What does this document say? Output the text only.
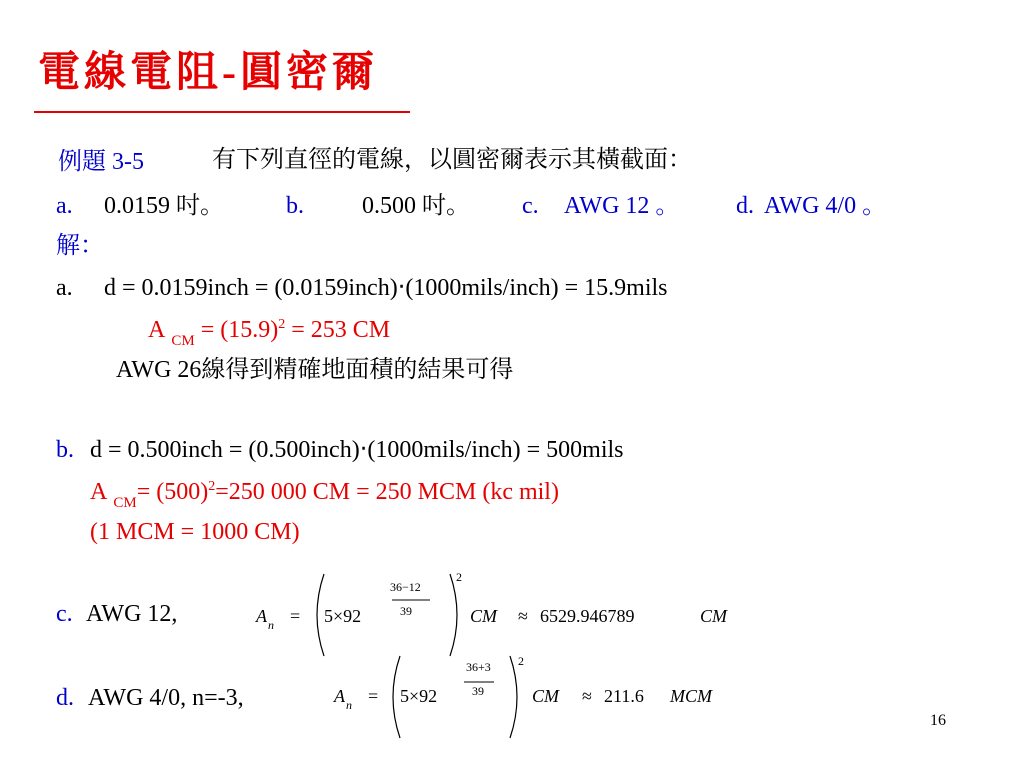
電線電阻-圓密爾
例題 3-5	有下列直徑的電線，以圓密爾表示其橫截面：
a. 0.0159 吋。	b. 0.500 吋。 c. AWG 12 。 d. AWG 4/0 。
解：
a. d = 0.0159inch = (0.0159inch)‧(1000mils/inch) = 15.9mils
A $_{CM} = (15.9)^2 = 253$ CM
AWG 26線得到精確地面積的結果可得
b. d = 0.500inch = (0.500inch)‧(1000mils/inch) = 500mils
A $_{CM}= (500)^2=250$ 000 CM = 250 MCM (kc mil)
(1 MCM = 1000 CM)
c. AWG 12,	A n = 5×92
36−12
39
2
CM ≈ 6529.946789	CM
d. AWG 4/0, n=-3,	A n = 5×92
36+3
39
2
CM ≈ 211.6 MCM
16
